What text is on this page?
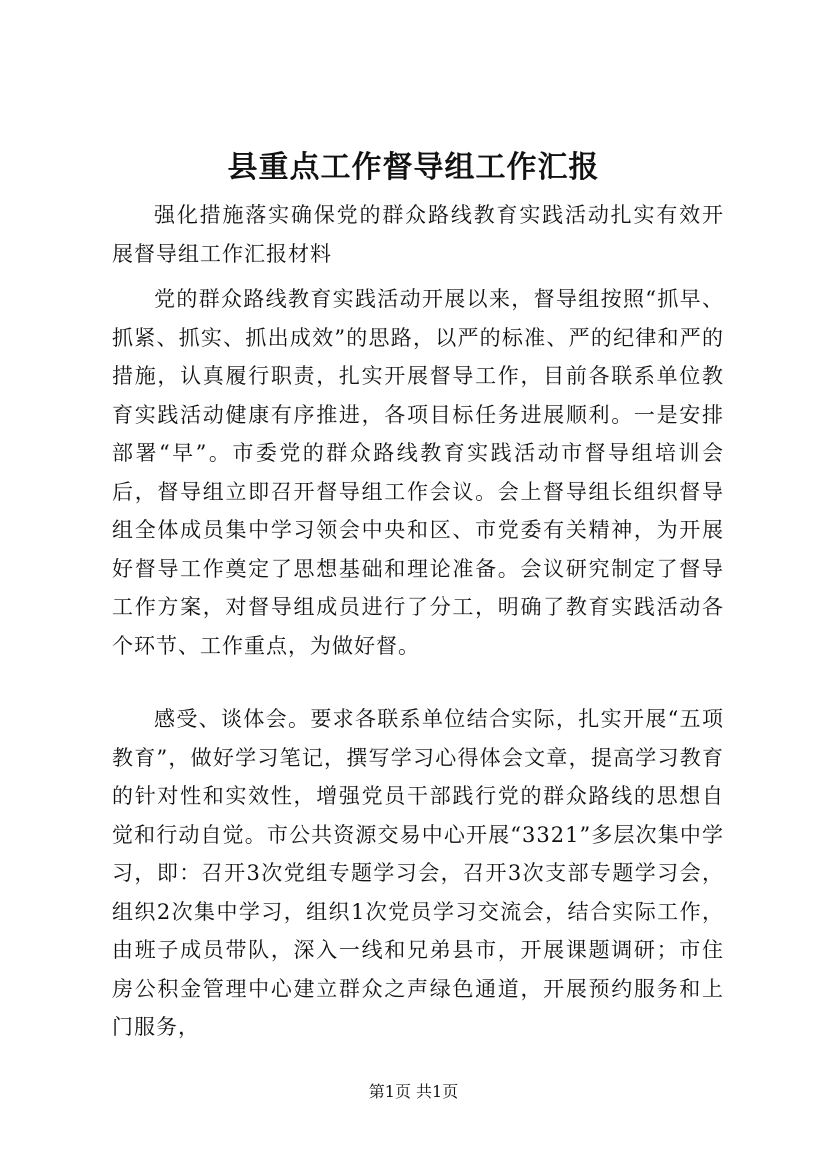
县重点工作督导组工作汇报

强化措施落实确保党的群众路线教育实践活动扎实有效开展督导组工作汇报材料

党的群众路线教育实践活动开展以来，督导组按照“抓早、抓紧、抓实、抓出成效”的思路，以严的标准、严的纪律和严的措施，认真履行职责，扎实开展督导工作，目前各联系单位教育实践活动健康有序推进，各项目标任务进展顺利。一是安排部署“早”。市委党的群众路线教育实践活动市督导组培训会后，督导组立即召开督导组工作会议。会上督导组长组织督导组全体成员集中学习领会中央和区、市党委有关精神，为开展好督导工作奠定了思想基础和理论准备。会议研究制定了督导工作方案，对督导组成员进行了分工，明确了教育实践活动各个环节、工作重点，为做好督。

感受、谈体会。要求各联系单位结合实际，扎实开展“五项教育”，做好学习笔记，撰写学习心得体会文章，提高学习教育的针对性和实效性，增强党员干部践行党的群众路线的思想自觉和行动自觉。市公共资源交易中心开展“3321”多层次集中学习，即：召开3次党组专题学习会，召开3次支部专题学习会，组织2次集中学习，组织1次党员学习交流会，结合实际工作，由班子成员带队，深入一线和兄弟县市，开展课题调研；市住房公积金管理中心建立群众之声绿色通道，开展预约服务和上门服务，

第1页 共1页
